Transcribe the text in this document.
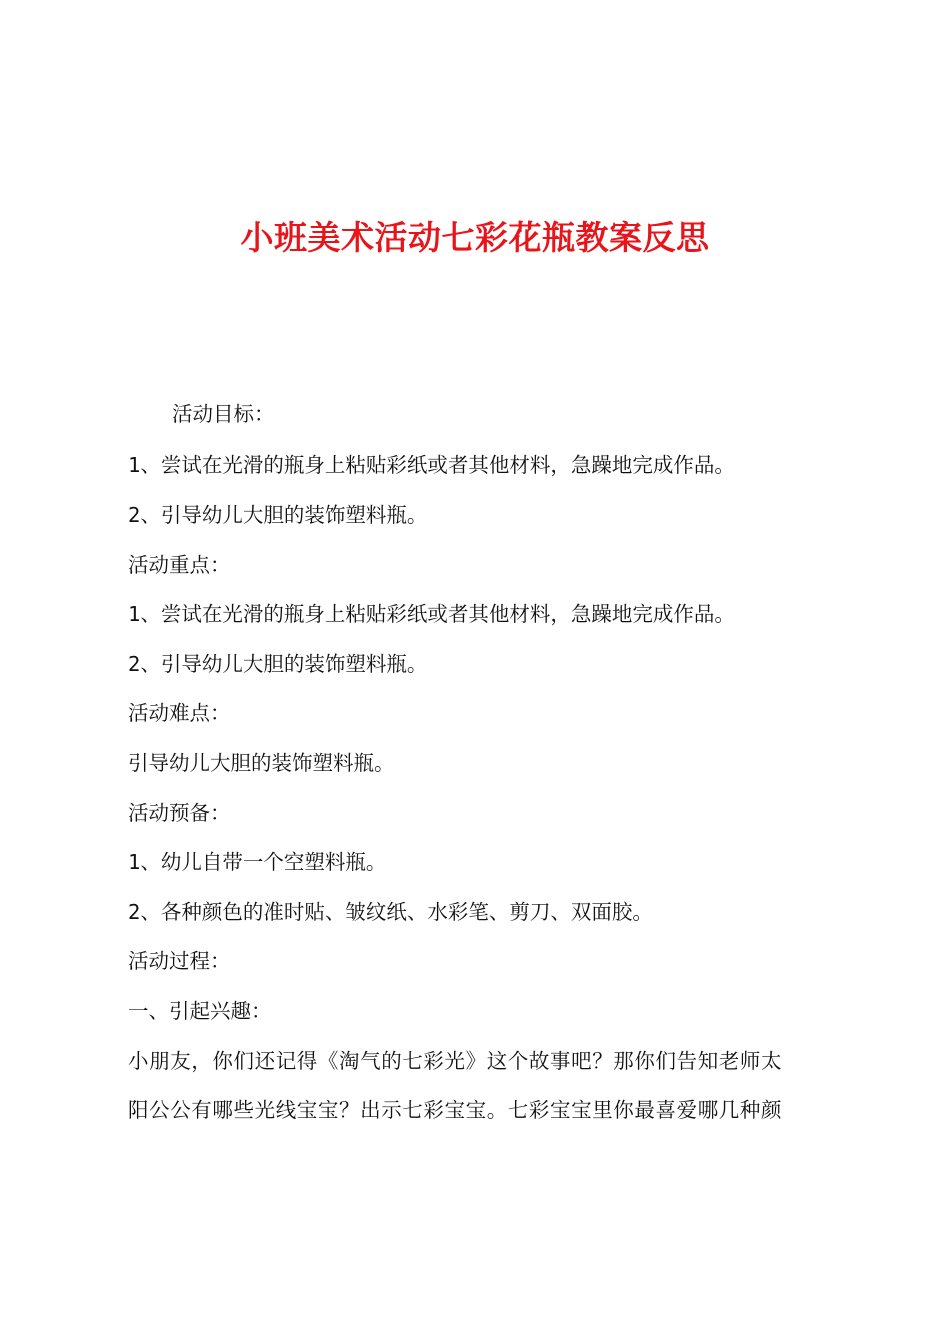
小班美术活动七彩花瓶教案反思

活动目标：

1、尝试在光滑的瓶身上粘贴彩纸或者其他材料，急躁地完成作品。

2、引导幼儿大胆的装饰塑料瓶。

活动重点：

1、尝试在光滑的瓶身上粘贴彩纸或者其他材料，急躁地完成作品。

2、引导幼儿大胆的装饰塑料瓶。

活动难点：

引导幼儿大胆的装饰塑料瓶。

活动预备：

1、幼儿自带一个空塑料瓶。

2、各种颜色的准时贴、皱纹纸、水彩笔、剪刀、双面胶。

活动过程：

一、引起兴趣：

小朋友，你们还记得《淘气的七彩光》这个故事吧？那你们告知老师太

阳公公有哪些光线宝宝？出示七彩宝宝。七彩宝宝里你最喜爱哪几种颜
